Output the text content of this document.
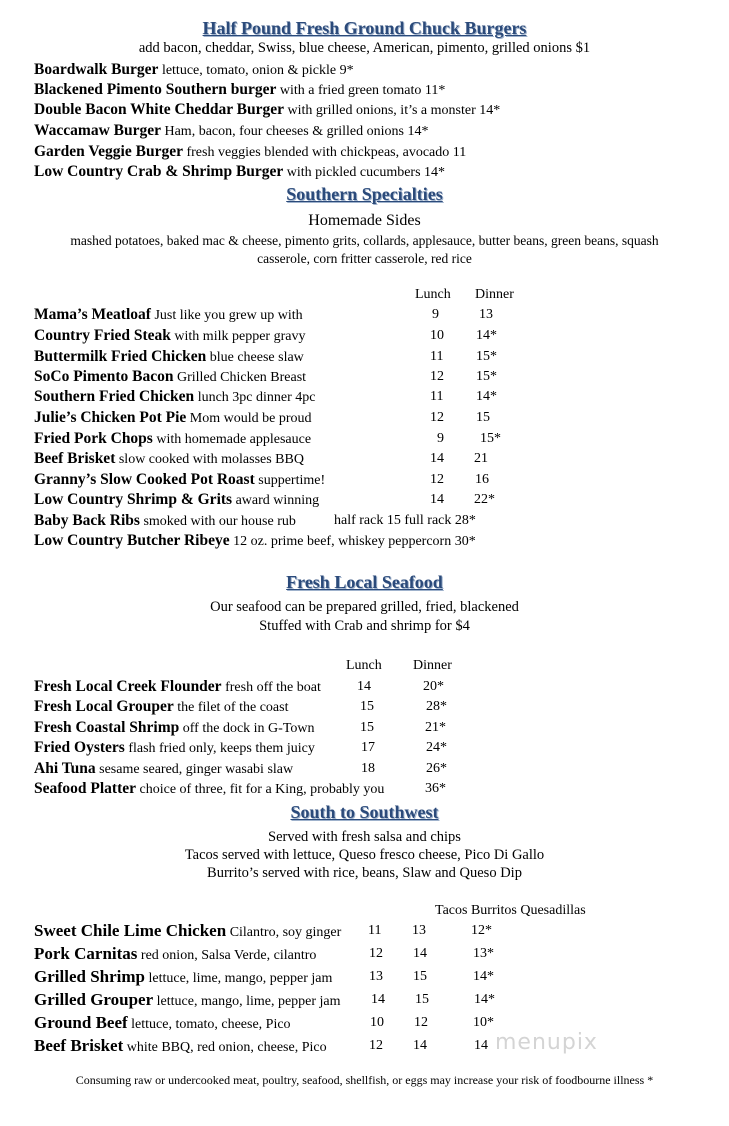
Half Pound Fresh Ground Chuck Burgers
add bacon, cheddar, Swiss, blue cheese, American, pimento, grilled onions $1
Boardwalk Burger lettuce, tomato, onion & pickle 9*
Blackened Pimento Southern burger with a fried green tomato 11*
Double Bacon White Cheddar Burger with grilled onions, it’s a monster 14*
Waccamaw Burger Ham, bacon, four cheeses & grilled onions 14*
Garden Veggie Burger fresh veggies blended with chickpeas, avocado 11
Low Country Crab & Shrimp Burger with pickled cucumbers 14*
Southern Specialties
Homemade Sides
mashed potatoes, baked mac & cheese, pimento grits, collards, applesauce, butter beans, green beans, squash
casserole, corn fritter casserole, red rice
Lunch Dinner
Mama’s Meatloaf Just like you grew up with	9	13
Country Fried Steak with milk pepper gravy	10 14*
Buttermilk Fried Chicken blue cheese slaw	11 15*
SoCo Pimento Bacon Grilled Chicken Breast	12 15*
Southern Fried Chicken lunch 3pc dinner 4pc	11 14*
Julie’s Chicken Pot Pie Mom would be proud	12 15
Fried Pork Chops with homemade applesauce	9	15*
Beef Brisket slow cooked with molasses BBQ	14 21
Granny’s Slow Cooked Pot Roast suppertime!	12 16
Low Country Shrimp & Grits award winning	14 22*
Baby Back Ribs smoked with our house rub	half rack 15 full rack 28*
Low Country Butcher Ribeye 12 oz. prime beef, whiskey peppercorn 30*
Fresh Local Seafood
Our seafood can be prepared grilled, fried, blackened
Stuffed with Crab and shrimp for $4
Lunch Dinner
Fresh Local Creek Flounder fresh off the boat	14	20*
Fresh Local Grouper the filet of the coast	15	28*
Fresh Coastal Shrimp off the dock in G-Town	15	21*
Fried Oysters flash fried only, keeps them juicy	17	24*
Ahi Tuna sesame seared, ginger wasabi slaw	18	26*
Seafood Platter choice of three, fit for a King, probably you	36*
South to Southwest
Served with fresh salsa and chips
Tacos served with lettuce, Queso fresco cheese, Pico Di Gallo
Burrito’s served with rice, beans, Slaw and Queso Dip
Tacos Burritos Quesadillas
Sweet Chile Lime Chicken Cilantro, soy ginger 11 13	12*
Pork Carnitas red onion, Salsa Verde, cilantro	12 14	13*
Grilled Shrimp lettuce, lime, mango, pepper jam	13 15	14*
Grilled Grouper lettuce, mango, lime, pepper jam 14 15	14*
Ground Beef lettuce, tomato, cheese, Pico	10 12	10*
Beef Brisket white BBQ, red onion, cheese, Pico	12 14	14 menupix
Consuming raw or undercooked meat, poultry, seafood, shellfish, or eggs may increase your risk of foodbourne illness *
